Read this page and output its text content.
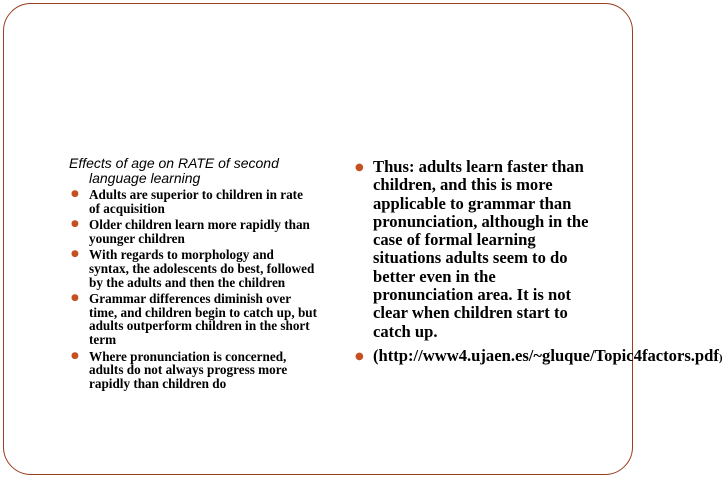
Effects of age on RATE of second
language learning
● Adults are superior to children in rate of acquisition
● Older children learn more rapidly than younger children
● With regards to morphology and syntax, the adolescents do best, followed by the adults and then the children
● Grammar differences diminish over time, and children begin to catch up, but adults outperform children in the short term
● Where pronunciation is concerned, adults do not always progress more rapidly than children do
● Thus: adults learn faster than children, and this is more applicable to grammar than pronunciation, although in the case of formal learning situations adults seem to do better even in the pronunciation area. It is not clear when children start to catch up.
● (http://www4.ujaen.es/~gluque/Topic4factors.pdf)
